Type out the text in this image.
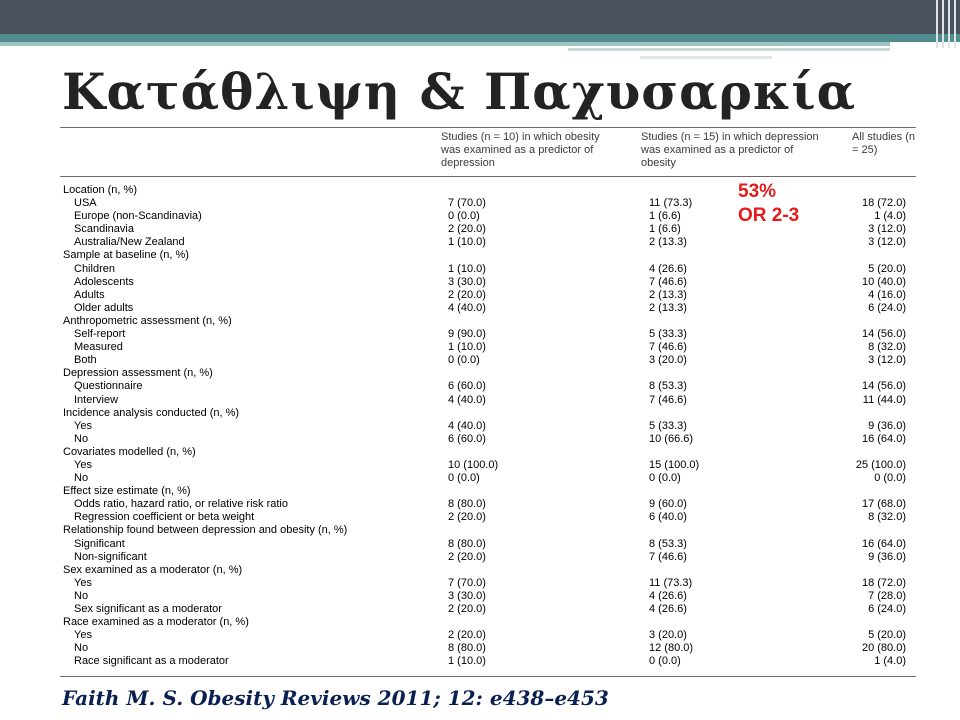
Κατάθλιψη & Παχυσαρκία
Studies (n = 10) in which obesity was examined as a predictor of depression
Studies (n = 15) in which depression was examined as a predictor of obesity
All studies (n = 25)
Location (n, %)
USA	7 (70.0)	11 (73.3)	18 (72.0)
Europe (non-Scandinavia)	0 (0.0)	1 (6.6)	1 (4.0)
Scandinavia	2 (20.0)	1 (6.6)	3 (12.0)
Australia/New Zealand	1 (10.0)	2 (13.3)	3 (12.0)
Sample at baseline (n, %)
Children	1 (10.0)	4 (26.6)	5 (20.0)
Adolescents	3 (30.0)	7 (46.6)	10 (40.0)
Adults	2 (20.0)	2 (13.3)	4 (16.0)
Older adults	4 (40.0)	2 (13.3)	6 (24.0)
Anthropometric assessment (n, %)
Self-report	9 (90.0)	5 (33.3)	14 (56.0)
Measured	1 (10.0)	7 (46.6)	8 (32.0)
Both	0 (0.0)	3 (20.0)	3 (12.0)
Depression assessment (n, %)
Questionnaire	6 (60.0)	8 (53.3)	14 (56.0)
Interview	4 (40.0)	7 (46.6)	11 (44.0)
Incidence analysis conducted (n, %)
Yes	4 (40.0)	5 (33.3)	9 (36.0)
No	6 (60.0)	10 (66.6)	16 (64.0)
Covariates modelled (n, %)
Yes	10 (100.0)	15 (100.0)	25 (100.0)
No	0 (0.0)	0 (0.0)	0 (0.0)
Effect size estimate (n, %)
Odds ratio, hazard ratio, or relative risk ratio	8 (80.0)	9 (60.0)	17 (68.0)
Regression coefficient or beta weight	2 (20.0)	6 (40.0)	8 (32.0)
Relationship found between depression and obesity (n, %)
Significant	8 (80.0)	8 (53.3)	16 (64.0)
Non-significant	2 (20.0)	7 (46.6)	9 (36.0)
Sex examined as a moderator (n, %)
Yes	7 (70.0)	11 (73.3)	18 (72.0)
No	3 (30.0)	4 (26.6)	7 (28.0)
Sex significant as a moderator	2 (20.0)	4 (26.6)	6 (24.0)
Race examined as a moderator (n, %)
Yes	2 (20.0)	3 (20.0)	5 (20.0)
No	8 (80.0)	12 (80.0)	20 (80.0)
Race significant as a moderator	1 (10.0)	0 (0.0)	1 (4.0)
53%
OR 2-3
Faith M. S. Obesity Reviews 2011; 12: e438–e453
